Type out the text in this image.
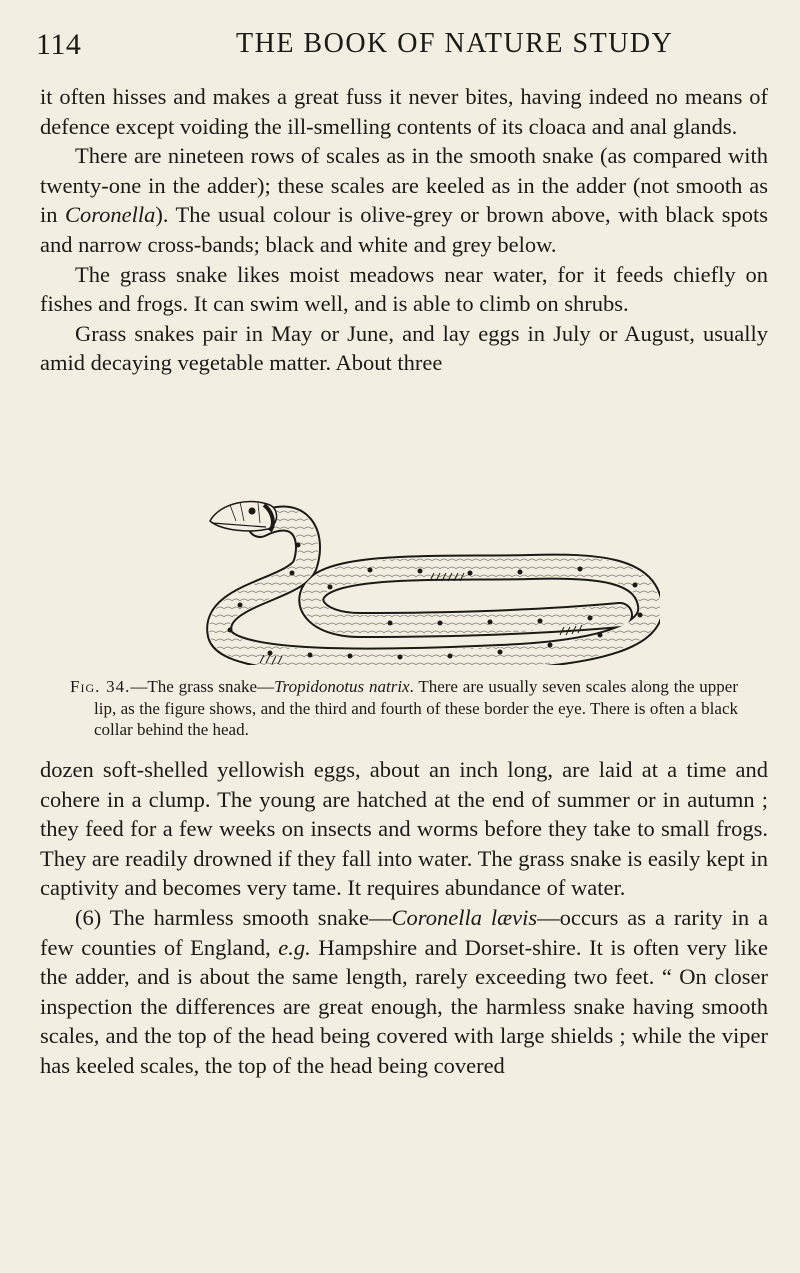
114	THE BOOK OF NATURE STUDY

it often hisses and makes a great fuss it never bites, having indeed no means of defence except voiding the ill-smelling contents of its cloaca and anal glands.

There are nineteen rows of scales as in the smooth snake (as compared with twenty-one in the adder); these scales are keeled as in the adder (not smooth as in Coronella). The usual colour is olive-grey or brown above, with black spots and narrow cross-bands; black and white and grey below.

The grass snake likes moist meadows near water, for it feeds chiefly on fishes and frogs. It can swim well, and is able to climb on shrubs.

Grass snakes pair in May or June, and lay eggs in July or August, usually amid decaying vegetable matter. About three

Fig. 34.—The grass snake—Tropidonotus natrix. There are usually seven scales along the upper lip, as the figure shows, and the third and fourth of these border the eye. There is often a black collar behind the head.

dozen soft-shelled yellowish eggs, about an inch long, are laid at a time and cohere in a clump. The young are hatched at the end of summer or in autumn ; they feed for a few weeks on insects and worms before they take to small frogs. They are readily drowned if they fall into water. The grass snake is easily kept in captivity and becomes very tame. It requires abundance of water.

(6) The harmless smooth snake—Coronella lævis—occurs as a rarity in a few counties of England, e.g. Hampshire and Dorset-shire. It is often very like the adder, and is about the same length, rarely exceeding two feet. “ On closer inspection the differences are great enough, the harmless snake having smooth scales, and the top of the head being covered with large shields ; while the viper has keeled scales, the top of the head being covered
